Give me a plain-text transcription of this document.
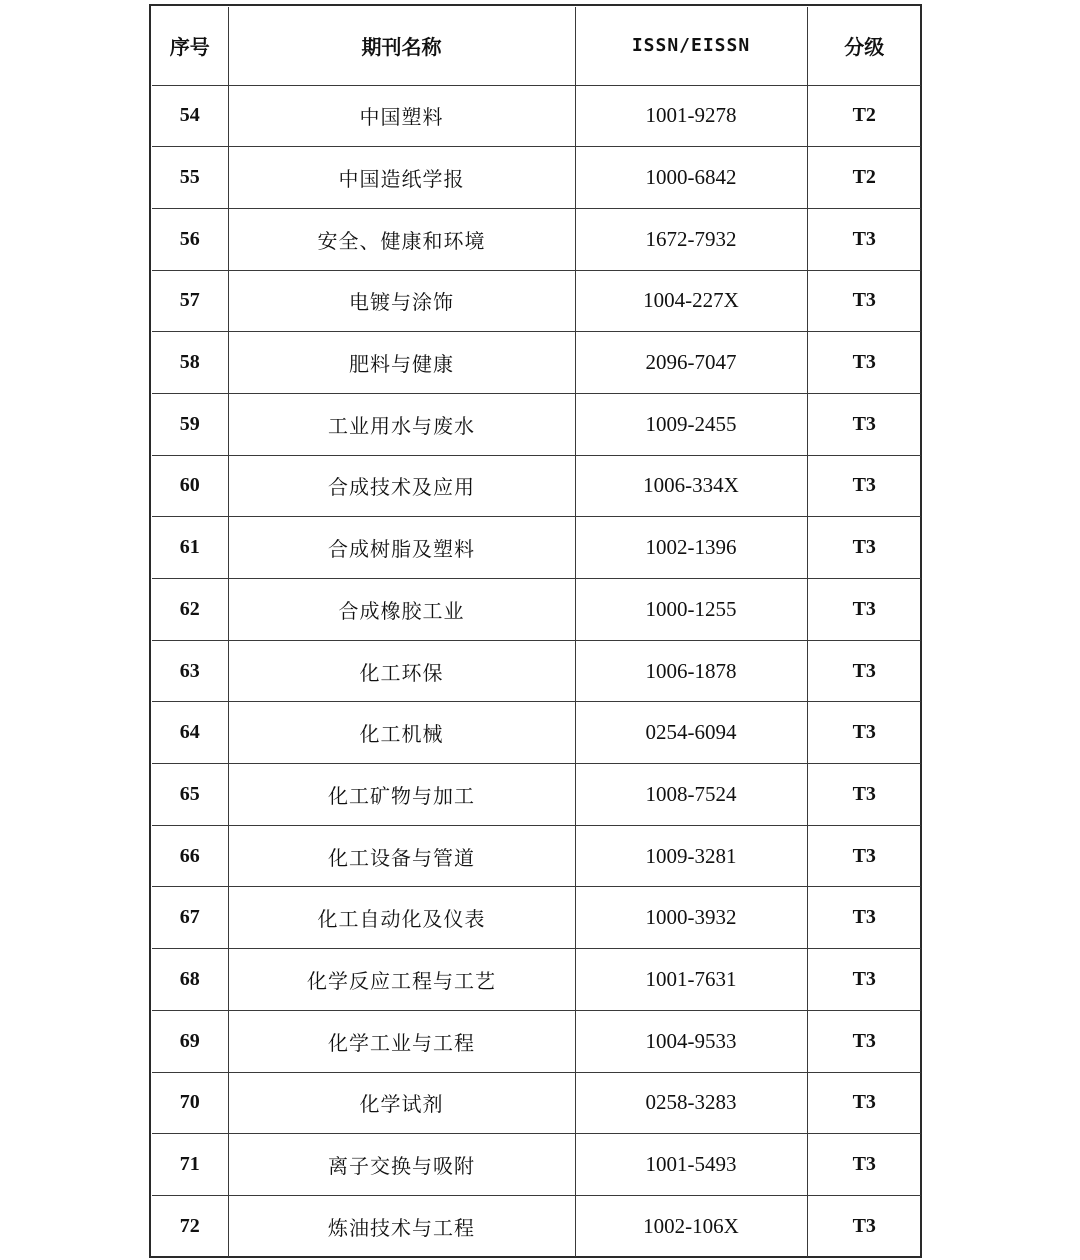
序号	期刊名称	ISSN/EISSN	分级
54	中国塑料	1001-9278	T2
55	中国造纸学报	1000-6842	T2
56	安全、健康和环境	1672-7932	T3
57	电镀与涂饰	1004-227X	T3
58	肥料与健康	2096-7047	T3
59	工业用水与废水	1009-2455	T3
60	合成技术及应用	1006-334X	T3
61	合成树脂及塑料	1002-1396	T3
62	合成橡胶工业	1000-1255	T3
63	化工环保	1006-1878	T3
64	化工机械	0254-6094	T3
65	化工矿物与加工	1008-7524	T3
66	化工设备与管道	1009-3281	T3
67	化工自动化及仪表	1000-3932	T3
68	化学反应工程与工艺	1001-7631	T3
69	化学工业与工程	1004-9533	T3
70	化学试剂	0258-3283	T3
71	离子交换与吸附	1001-5493	T3
72	炼油技术与工程	1002-106X	T3
